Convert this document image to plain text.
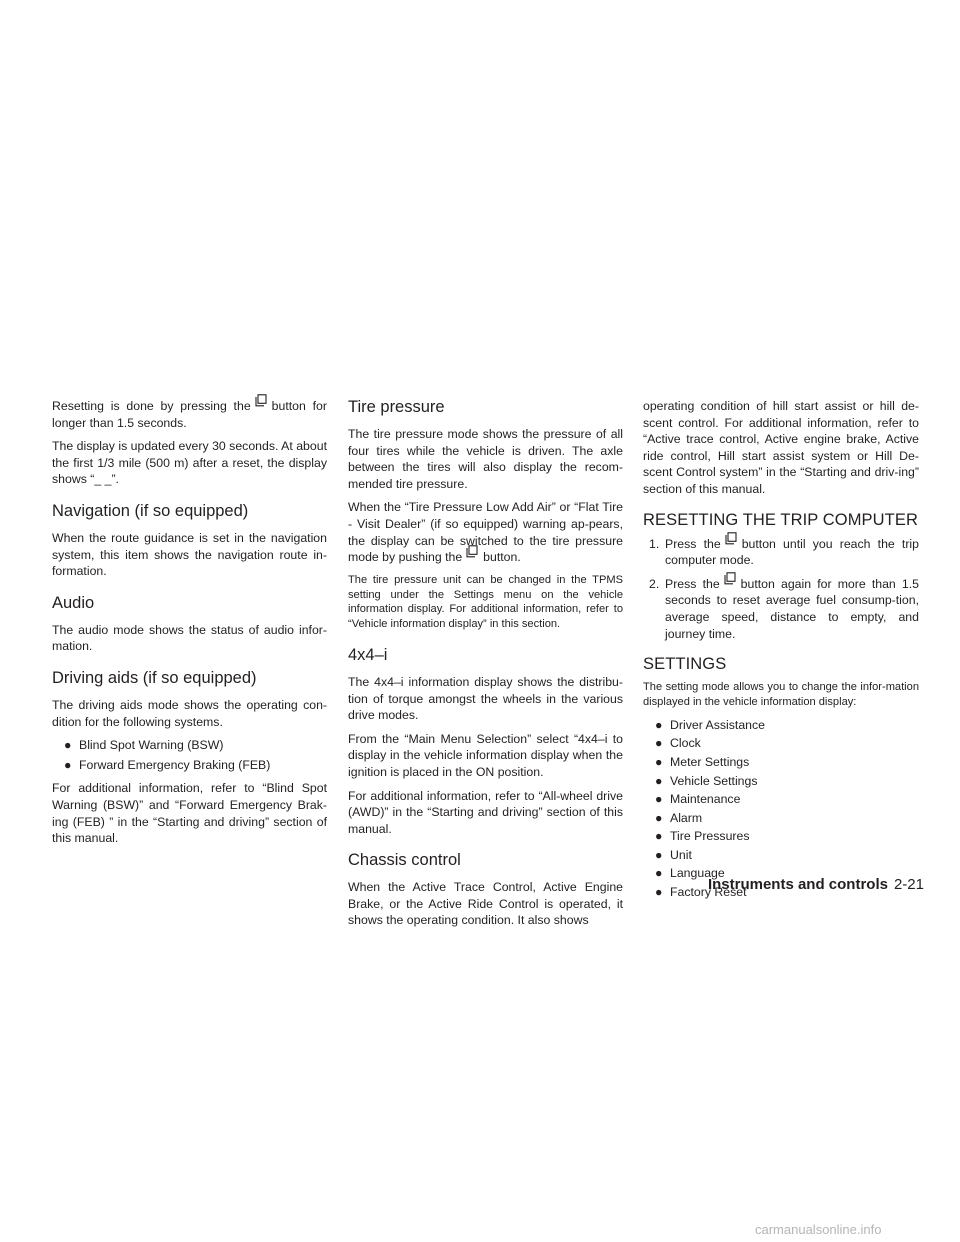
Resetting is done by pressing the button for longer than 1.5 seconds.

The display is updated every 30 seconds. At about the first 1/3 mile (500 m) after a reset, the display shows “_ _”.

Navigation (if so equipped)

When the route guidance is set in the navigation system, this item shows the navigation route in-formation.

Audio

The audio mode shows the status of audio infor-mation.

Driving aids (if so equipped)

The driving aids mode shows the operating con-dition for the following systems.

● Blind Spot Warning (BSW)
● Forward Emergency Braking (FEB)

For additional information, refer to “Blind Spot Warning (BSW)” and “Forward Emergency Brak-ing (FEB) ” in the “Starting and driving” section of this manual.

Tire pressure

The tire pressure mode shows the pressure of all four tires while the vehicle is driven. The axle between the tires will also display the recom-mended tire pressure.

When the “Tire Pressure Low Add Air” or “Flat Tire - Visit Dealer” (if so equipped) warning ap-pears, the display can be switched to the tire pressure mode by pushing the button.

The tire pressure unit can be changed in the TPMS setting under the Settings menu on the vehicle information display. For additional information, refer to “Vehicle information display” in this section.

4x4–i

The 4x4–i information display shows the distribu-tion of torque amongst the wheels in the various drive modes.

From the “Main Menu Selection” select “4x4–i to display in the vehicle information display when the ignition is placed in the ON position.

For additional information, refer to “All-wheel drive (AWD)” in the “Starting and driving” section of this manual.

Chassis control

When the Active Trace Control, Active Engine Brake, or the Active Ride Control is operated, it shows the operating condition. It also shows

operating condition of hill start assist or hill de-scent control. For additional information, refer to “Active trace control, Active engine brake, Active ride control, Hill start assist system or Hill De-scent Control system” in the “Starting and driv-ing” section of this manual.

RESETTING THE TRIP COMPUTER
1. Press the button until you reach the trip computer mode.
2. Press the button again for more than 1.5 seconds to reset average fuel consump-tion, average speed, distance to empty, and journey time.
SETTINGS

The setting mode allows you to change the infor-mation displayed in the vehicle information display:

● Driver Assistance
● Clock
● Meter Settings
● Vehicle Settings
● Maintenance
● Alarm
● Tire Pressures
● Unit
● Language
● Factory Reset
Instruments and controls 2-21
carmanualsonline.info
